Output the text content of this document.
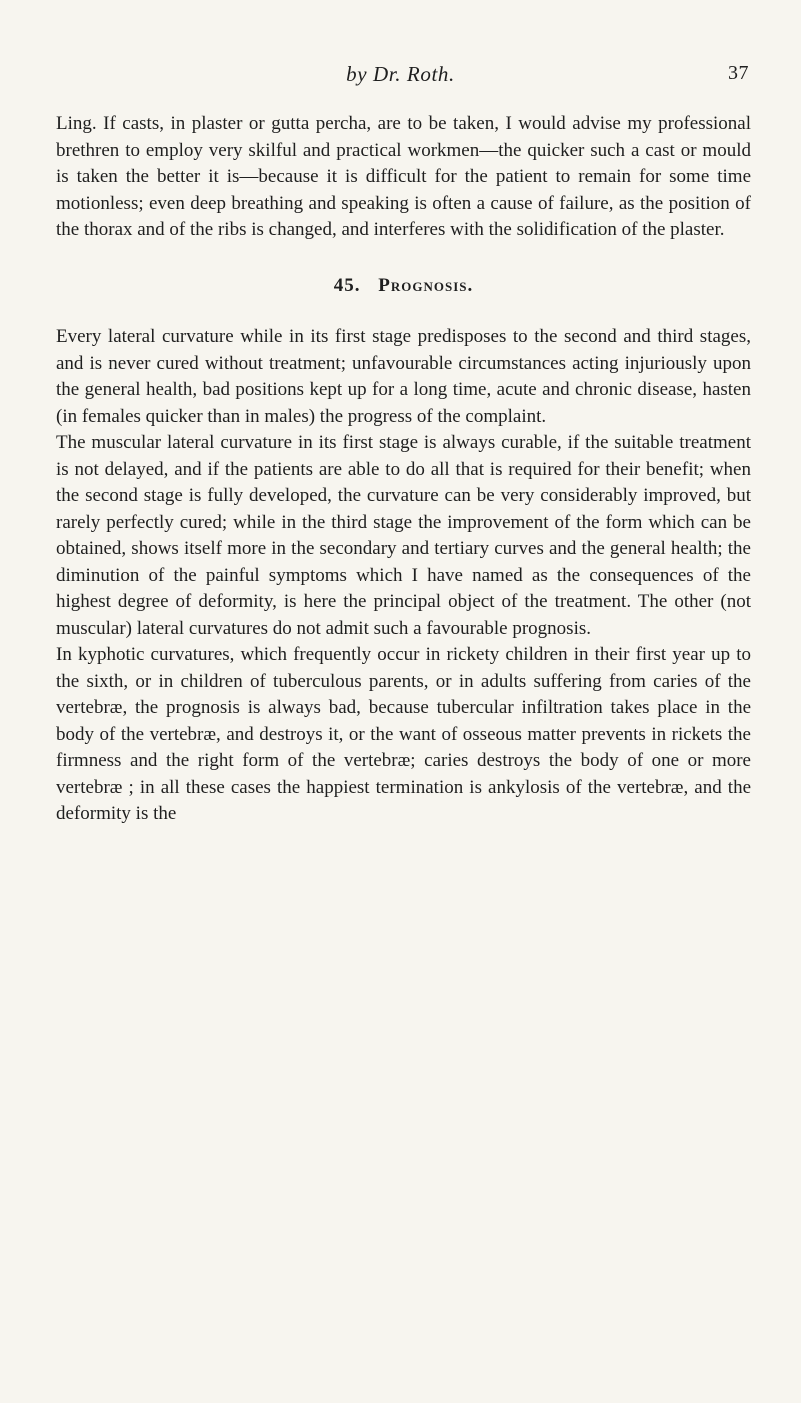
by Dr. Roth.	37

Ling. If casts, in plaster or gutta percha, are to be taken, I would advise my professional brethren to employ very skilful and practical workmen—the quicker such a cast or mould is taken the better it is—because it is difficult for the patient to remain for some time motionless; even deep breathing and speaking is often a cause of failure, as the position of the thorax and of the ribs is changed, and interferes with the solidification of the plaster.

45. Prognosis.

Every lateral curvature while in its first stage predisposes to the second and third stages, and is never cured without treatment; unfavourable circumstances acting injuriously upon the general health, bad positions kept up for a long time, acute and chronic disease, hasten (in females quicker than in males) the progress of the complaint.

The muscular lateral curvature in its first stage is always curable, if the suitable treatment is not delayed, and if the patients are able to do all that is required for their benefit; when the second stage is fully developed, the curvature can be very considerably improved, but rarely perfectly cured; while in the third stage the improvement of the form which can be obtained, shows itself more in the secondary and tertiary curves and the general health; the diminution of the painful symptoms which I have named as the consequences of the highest degree of deformity, is here the principal object of the treatment. The other (not muscular) lateral curvatures do not admit such a favourable prognosis.

In kyphotic curvatures, which frequently occur in rickety children in their first year up to the sixth, or in children of tuberculous parents, or in adults suffering from caries of the vertebræ, the prognosis is always bad, because tubercular infiltration takes place in the body of the vertebræ, and destroys it, or the want of osseous matter prevents in rickets the firmness and the right form of the vertebræ; caries destroys the body of one or more vertebræ ; in all these cases the happiest termination is ankylosis of the vertebræ, and the deformity is the
